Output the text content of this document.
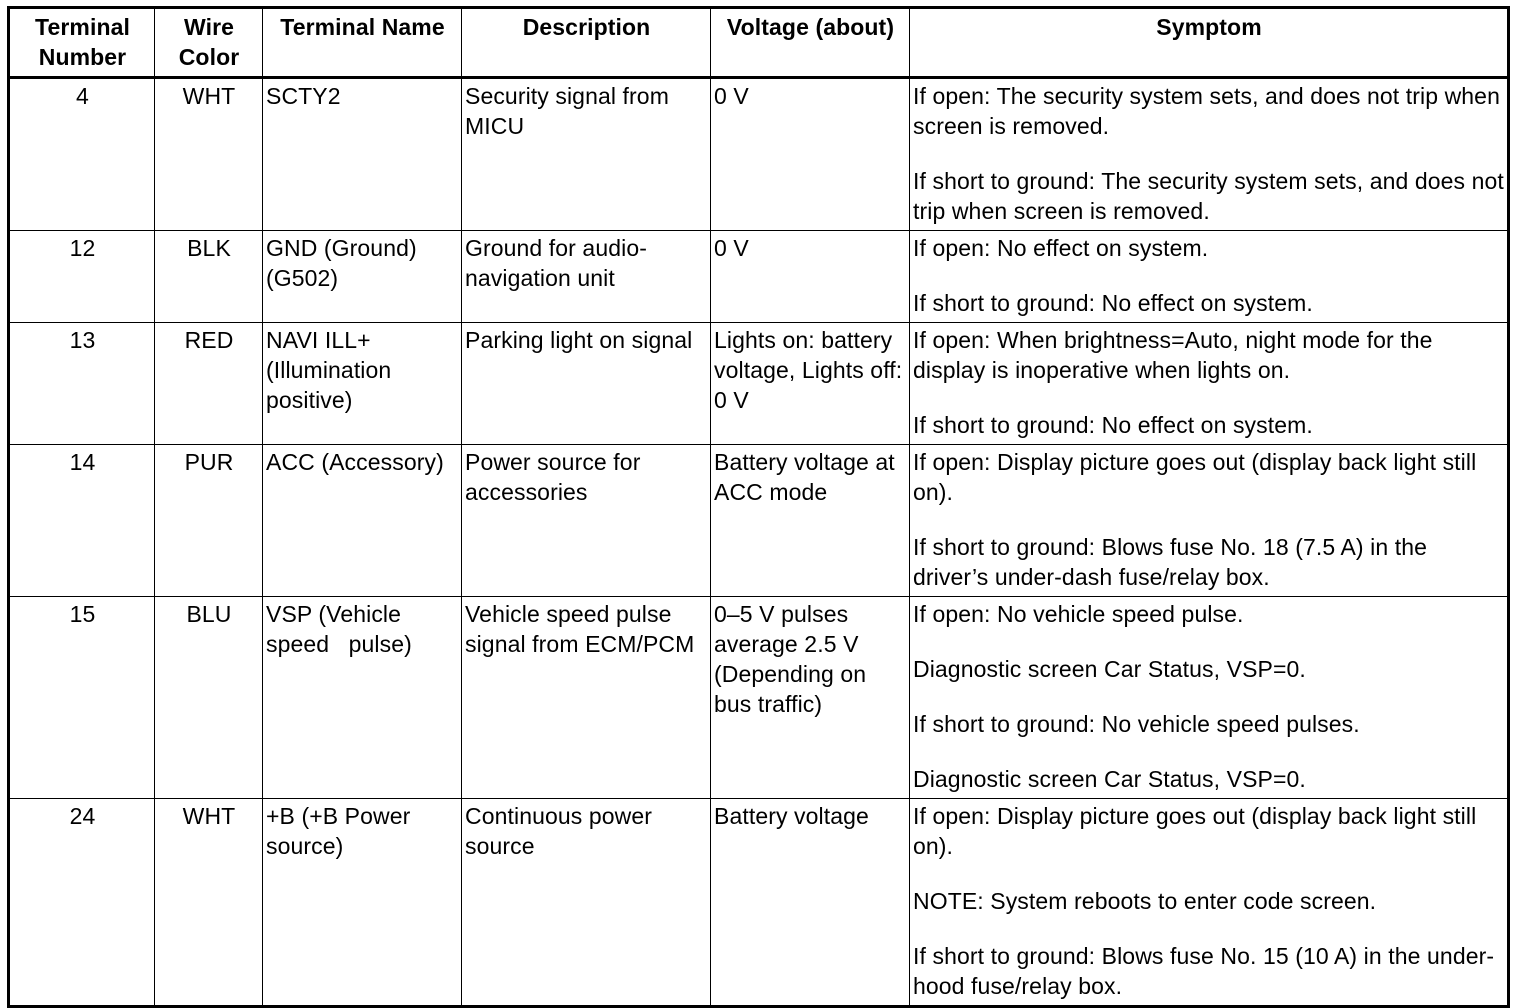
Terminal Number	Wire Color	Terminal Name	Description	Voltage (about)	Symptom
4	WHT	SCTY2	Security signal from MICU	0 V	If open: The security system sets, and does not trip when screen is removed.

If short to ground: The security system sets, and does not trip when screen is removed.

12	BLK	GND (Ground) (G502)	Ground for audio-navigation unit	0 V	If open: No effect on system.

If short to ground: No effect on system.

13	RED	NAVI ILL+ (Illumination positive)	Parking light on signal	Lights on: battery voltage, Lights off: 0 V	If open: When brightness=Auto, night mode for the display is inoperative when lights on.

If short to ground: No effect on system.

14	PUR	ACC (Accessory)	Power source for accessories	Battery voltage at ACC mode	If open: Display picture goes out (display back light still on).

If short to ground: Blows fuse No. 18 (7.5 A) in the driver’s under-dash fuse/relay box.

15	BLU	VSP (Vehicle speed   pulse)	Vehicle speed pulse signal from ECM/PCM	0–5 V pulses average 2.5 V (Depending on bus traffic)	If open: No vehicle speed pulse.

Diagnostic screen Car Status, VSP=0.

If short to ground: No vehicle speed pulses.

Diagnostic screen Car Status, VSP=0.

24	WHT	+B (+B Power source)	Continuous power source	Battery voltage	If open: Display picture goes out (display back light still on).

NOTE: System reboots to enter code screen.

If short to ground: Blows fuse No. 15 (10 A) in the under-hood fuse/relay box.
